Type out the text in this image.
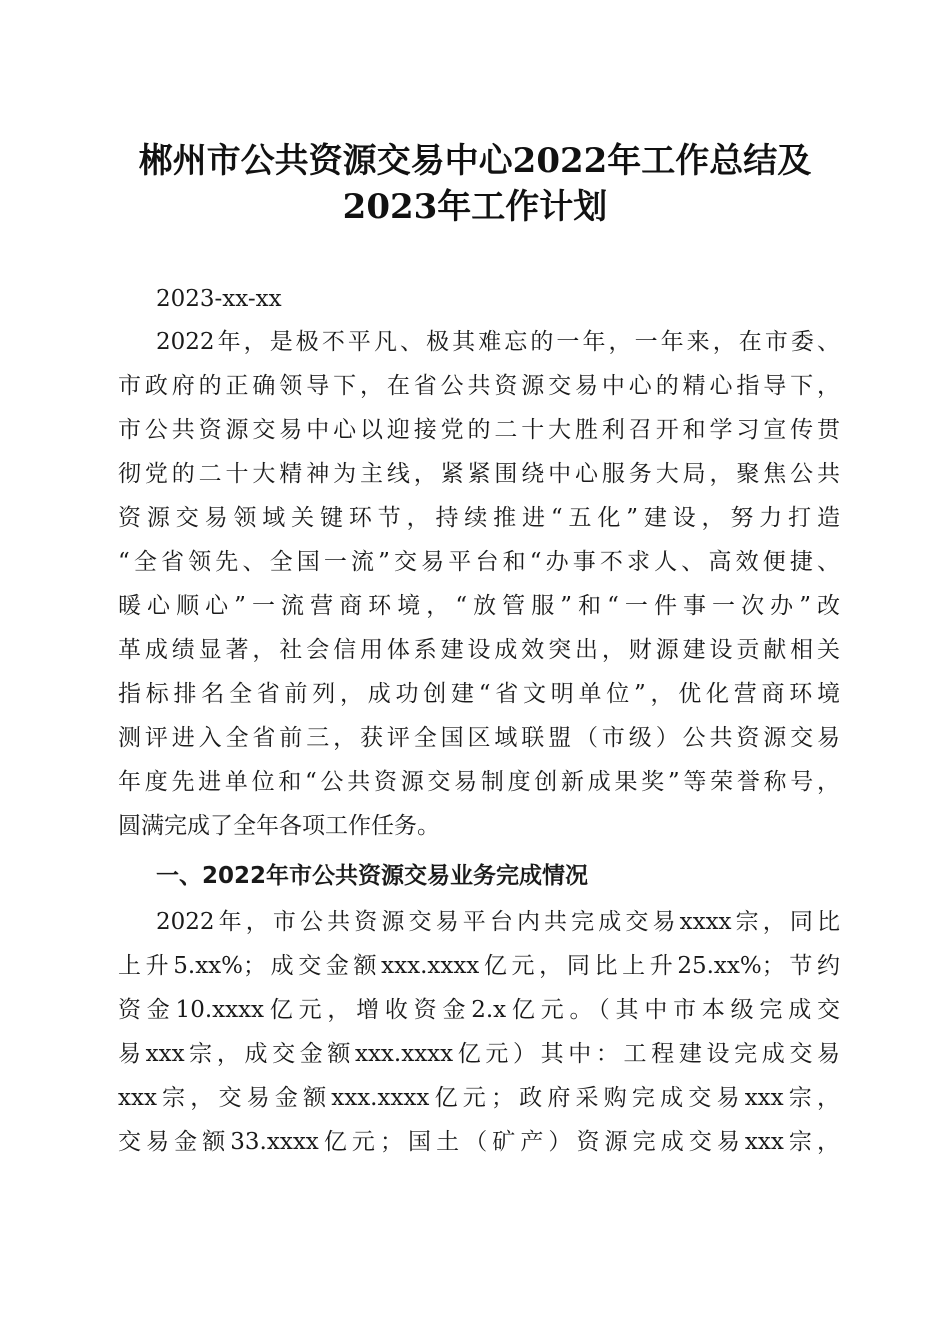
郴州市公共资源交易中心2022年工作总结及
2023年工作计划
2023-xx-xx
2022年，是极不平凡、极其难忘的一年，一年来，在市委、
市政府的正确领导下，在省公共资源交易中心的精心指导下，
市公共资源交易中心以迎接党的二十大胜利召开和学习宣传贯
彻党的二十大精神为主线，紧紧围绕中心服务大局，聚焦公共
资源交易领域关键环节，持续推进“五化”建设，努力打造
“全省领先、全国一流”交易平台和“办事不求人、高效便捷、
暖心顺心”一流营商环境，“放管服”和“一件事一次办”改
革成绩显著，社会信用体系建设成效突出，财源建设贡献相关
指标排名全省前列，成功创建“省文明单位”，优化营商环境
测评进入全省前三，获评全国区域联盟（市级）公共资源交易
年度先进单位和“公共资源交易制度创新成果奖”等荣誉称号，
圆满完成了全年各项工作任务。
一、2022年市公共资源交易业务完成情况
2022年，市公共资源交易平台内共完成交易xxxx宗，同比
上升5.xx%；成交金额xxx.xxxx亿元，同比上升25.xx%；节约
资金10.xxxx亿元，增收资金2.x亿元。（其中市本级完成交
易xxx宗，成交金额xxx.xxxx亿元）其中：工程建设完成交易
xxx宗，交易金额xxx.xxxx亿元；政府采购完成交易xxx宗，
交易金额33.xxxx亿元；国土（矿产）资源完成交易xxx宗，
